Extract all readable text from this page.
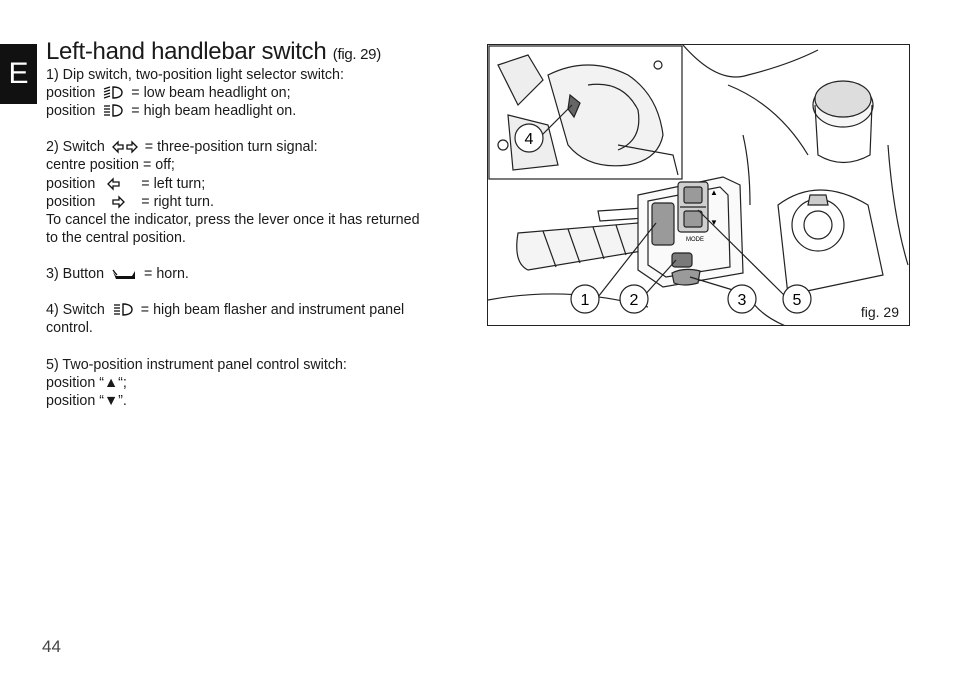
E
Left-hand handlebar switch (fig. 29)

1) Dip switch, two-position light selector switch:

position	= low beam headlight on;

position	= high beam headlight on.

2) Switch	= three-position turn signal:

centre position = off;

position	= left turn;

position	= right turn.

To cancel the indicator, press the lever once it has returned

to the central position.

3) Button	= horn.

4) Switch	= high beam flasher and instrument panel

control.

5) Two-position instrument panel control switch:

position “▲“;

position “▼”.

MODE
▲
▼
4
1	2	3	5
fig. 29
44
